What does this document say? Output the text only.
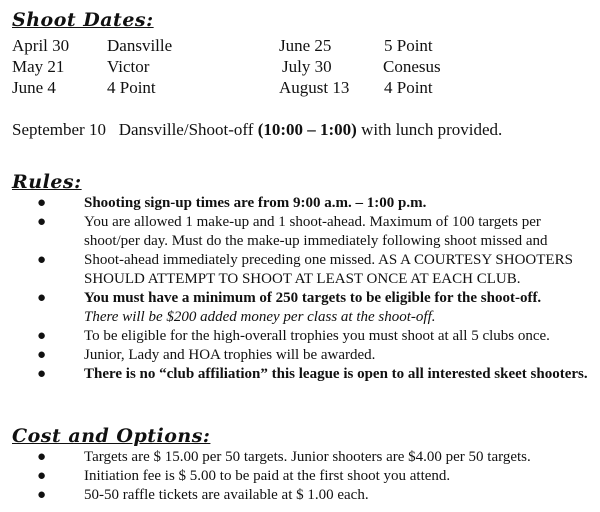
Shoot Dates:
April 30 Dansville	June 25	5 Point
May 21	Victor	July 30	Conesus
June 4	4 Point	August 13 4 Point
September 10 Dansville/Shoot-off (10:00 – 1:00) with lunch provided.
Rules:
●	Shooting sign-up times are from 9:00 a.m. – 1:00 p.m.
●	You are allowed 1 make-up and 1 shoot-ahead. Maximum of 100 targets per shoot/per day. Must do the make-up immediately following shoot missed and
●	Shoot-ahead immediately preceding one missed. AS A COURTESY SHOOTERS SHOULD ATTEMPT TO SHOOT AT LEAST ONCE AT EACH CLUB.
●	You must have a minimum of 250 targets to be eligible for the shoot-off.
There will be $200 added money per class at the shoot-off.
●	To be eligible for the high-overall trophies you must shoot at all 5 clubs once.
●	Junior, Lady and HOA trophies will be awarded.
●	There is no “club affiliation” this league is open to all interested skeet shooters.
Cost and Options:
●	Targets are $ 15.00 per 50 targets. Junior shooters are $4.00 per 50 targets.
●	Initiation fee is $ 5.00 to be paid at the first shoot you attend.
●	50-50 raffle tickets are available at $ 1.00 each.
